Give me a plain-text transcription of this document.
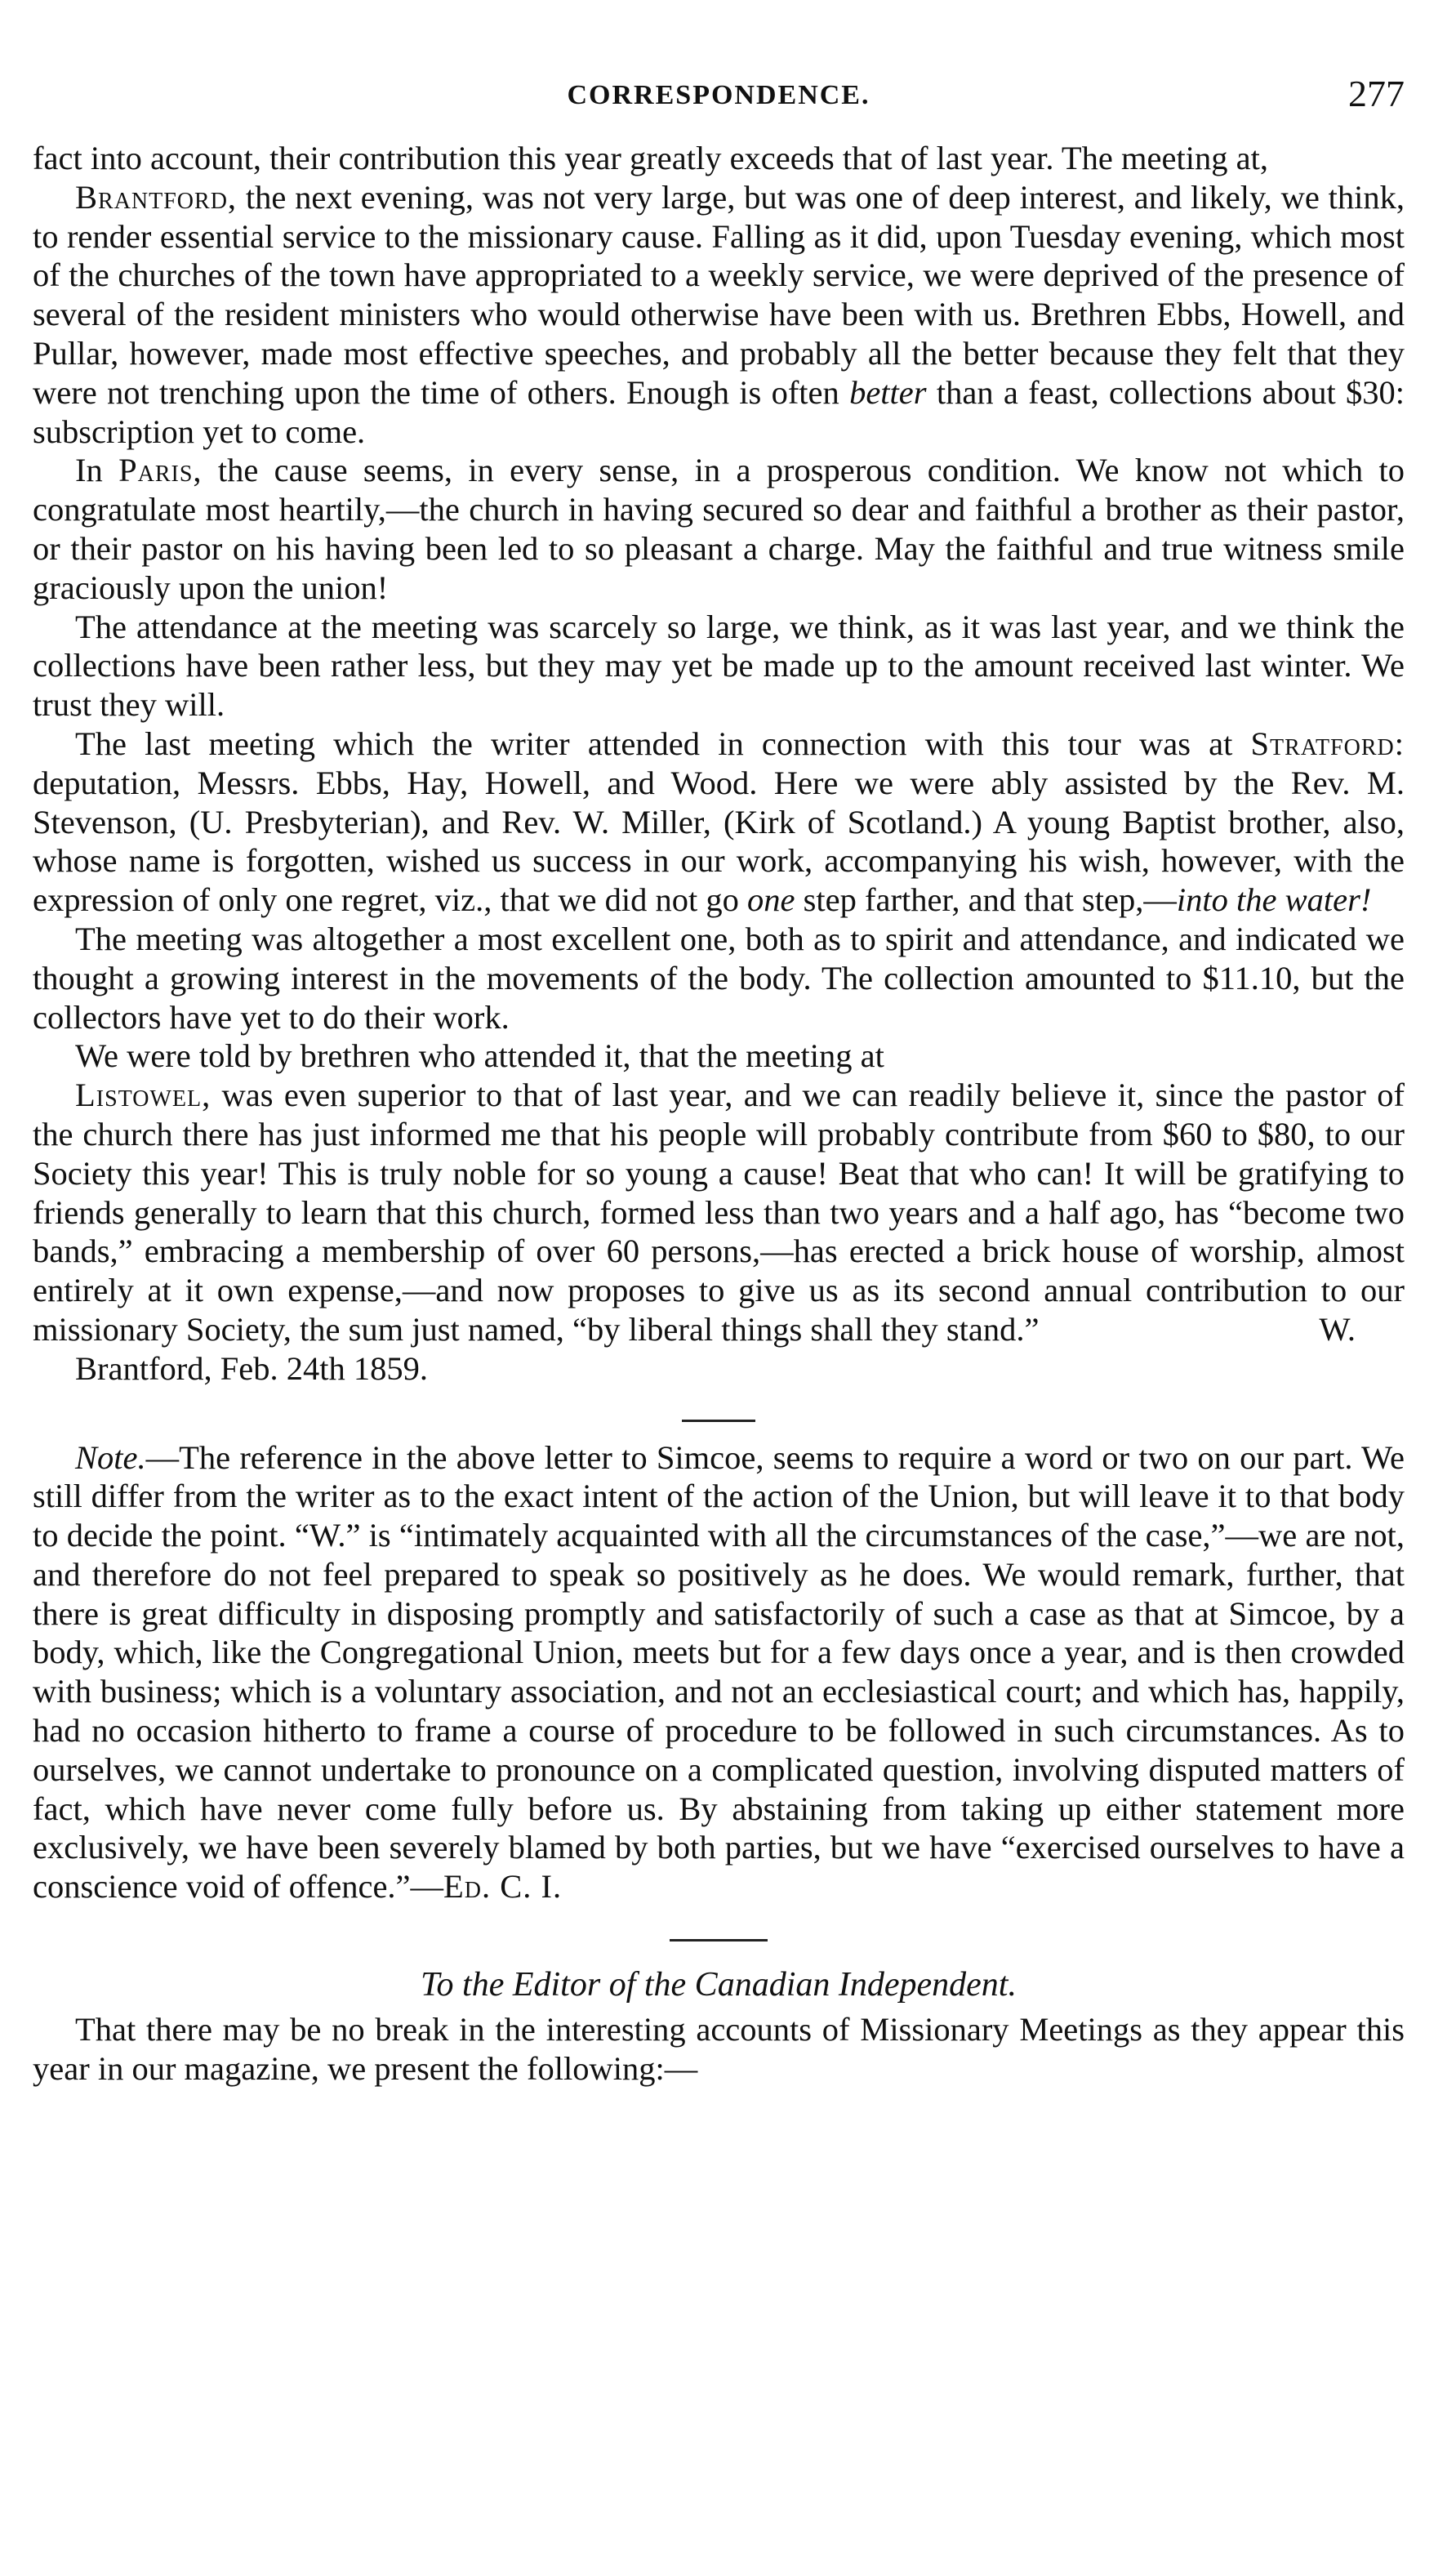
CORRESPONDENCE.	277

fact into account, their contribution this year greatly exceeds that of last year. The meeting at,

Brantford, the next evening, was not very large, but was one of deep interest, and likely, we think, to render essential service to the missionary cause. Falling as it did, upon Tuesday evening, which most of the churches of the town have appropriated to a weekly service, we were deprived of the presence of several of the resident ministers who would otherwise have been with us. Brethren Ebbs, Howell, and Pullar, however, made most effective speeches, and probably all the better because they felt that they were not trenching upon the time of others. Enough is often better than a feast, collections about $30: subscription yet to come.

In Paris, the cause seems, in every sense, in a prosperous condition. We know not which to congratulate most heartily,—the church in having secured so dear and faithful a brother as their pastor, or their pastor on his having been led to so pleasant a charge. May the faithful and true witness smile graciously upon the union!

The attendance at the meeting was scarcely so large, we think, as it was last year, and we think the collections have been rather less, but they may yet be made up to the amount received last winter. We trust they will.

The last meeting which the writer attended in connection with this tour was at Stratford: deputation, Messrs. Ebbs, Hay, Howell, and Wood. Here we were ably assisted by the Rev. M. Stevenson, (U. Presbyterian), and Rev. W. Miller, (Kirk of Scotland.) A young Baptist brother, also, whose name is forgotten, wished us success in our work, accompanying his wish, however, with the expression of only one regret, viz., that we did not go one step farther, and that step,—into the water!

The meeting was altogether a most excellent one, both as to spirit and attendance, and indicated we thought a growing interest in the movements of the body. The collection amounted to $11.10, but the collectors have yet to do their work.

We were told by brethren who attended it, that the meeting at

Listowel, was even superior to that of last year, and we can readily believe it, since the pastor of the church there has just informed me that his people will probably contribute from $60 to $80, to our Society this year! This is truly noble for so young a cause! Beat that who can! It will be gratifying to friends generally to learn that this church, formed less than two years and a half ago, has “become two bands,” embracing a membership of over 60 persons,—has erected a brick house of worship, almost entirely at it own expense,—and now proposes to give us as its second annual contribution to our missionary Society, the sum just named, “by liberal things shall they stand.”	W.

Brantford, Feb. 24th 1859.

Note.—The reference in the above letter to Simcoe, seems to require a word or two on our part. We still differ from the writer as to the exact intent of the action of the Union, but will leave it to that body to decide the point. “W.” is “intimately acquainted with all the circumstances of the case,”—we are not, and therefore do not feel prepared to speak so positively as he does. We would remark, further, that there is great difficulty in disposing promptly and satisfactorily of such a case as that at Simcoe, by a body, which, like the Congregational Union, meets but for a few days once a year, and is then crowded with business; which is a voluntary association, and not an ecclesiastical court; and which has, happily, had no occasion hitherto to frame a course of procedure to be followed in such circumstances. As to ourselves, we cannot undertake to pronounce on a complicated question, involving disputed matters of fact, which have never come fully before us. By abstaining from taking up either statement more exclusively, we have been severely blamed by both parties, but we have “exercised ourselves to have a conscience void of offence.”—Ed. C. I.

To the Editor of the Canadian Independent.

That there may be no break in the interesting accounts of Missionary Meetings as they appear this year in our magazine, we present the following:—
